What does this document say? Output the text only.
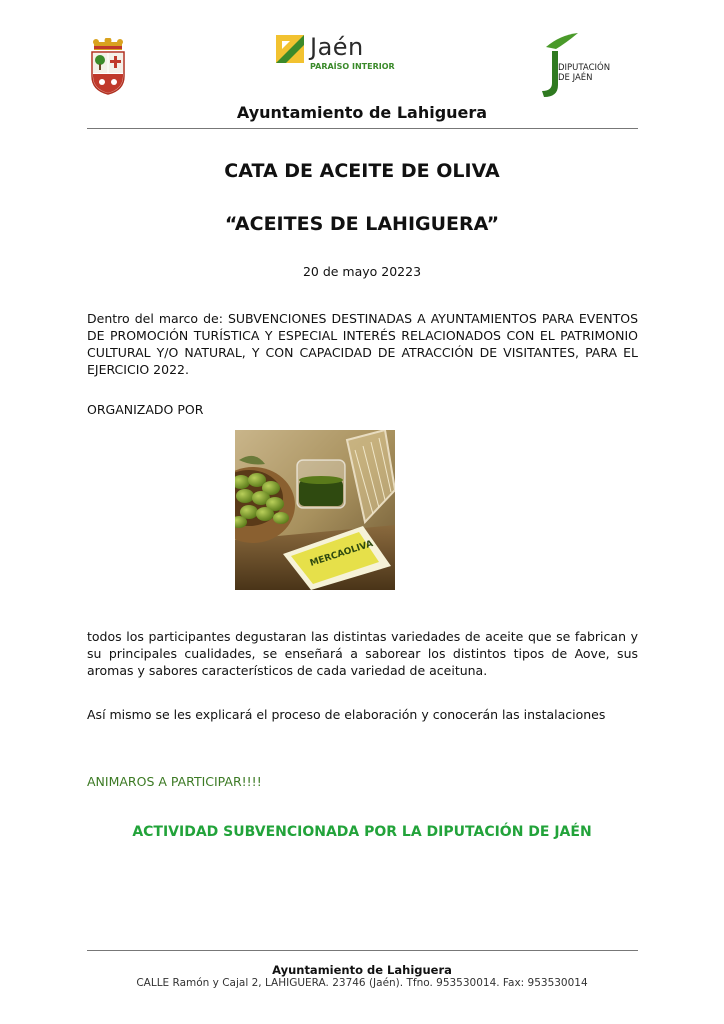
Jaén
PARAÍSO INTERIOR	DIPUTACIÓN
DE JAÉN
Ayuntamiento de Lahiguera
CATA DE ACEITE DE OLIVA
“ACEITES DE LAHIGUERA”
20 de mayo 20223

Dentro del marco de: SUBVENCIONES DESTINADAS A AYUNTAMIENTOS PARA EVENTOS DE PROMOCIÓN TURÍSTICA Y ESPECIAL INTERÉS RELACIONADOS CON EL PATRIMONIO CULTURAL Y/O NATURAL, Y CON CAPACIDAD DE ATRACCIÓN DE VISITANTES, PARA EL EJERCICIO 2022.

ORGANIZADO POR

MERCAOLIVA

todos los participantes degustaran las distintas variedades de aceite que se fabrican y su principales cualidades, se enseñará a saborear los distintos tipos de Aove, sus aromas y sabores característicos de cada variedad de aceituna.

Así mismo se les explicará el proceso de elaboración y conocerán las instalaciones

ANIMAROS A PARTICIPAR!!!!

ACTIVIDAD SUBVENCIONADA POR LA DIPUTACIÓN DE JAÉN
Ayuntamiento de Lahiguera
CALLE Ramón y Cajal 2, LAHIGUERA. 23746 (Jaén). Tfno. 953530014. Fax: 953530014
